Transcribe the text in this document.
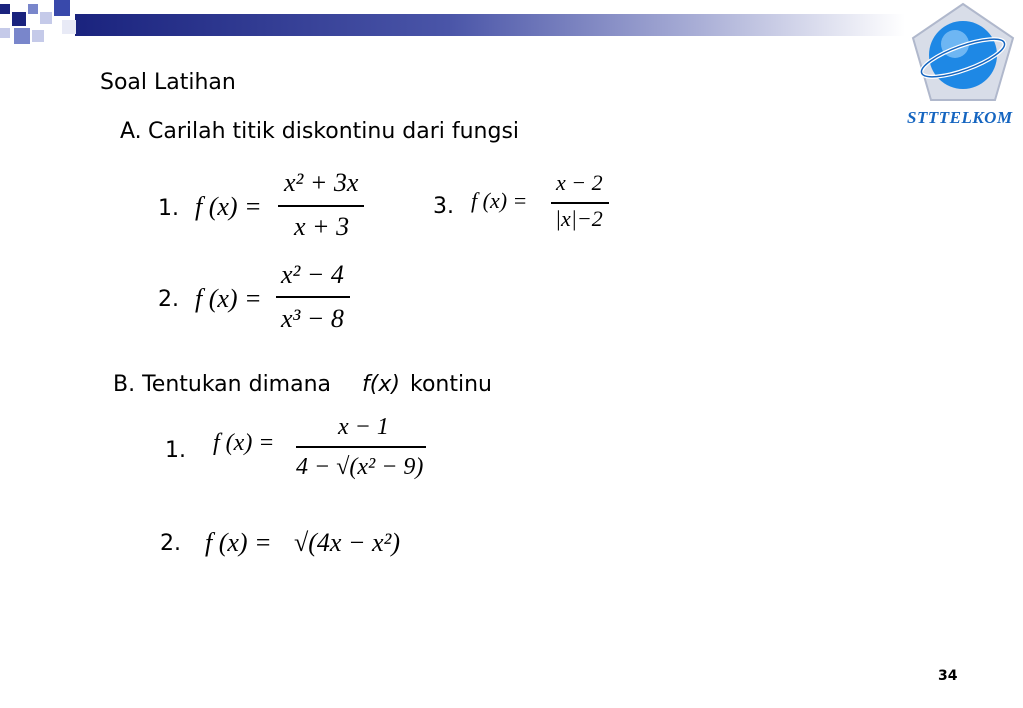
STTTELKOM
Soal Latihan
A. Carilah titik diskontinu dari fungsi
1. f (x) =
x² + 3x
x + 3
2. f (x) =
x² − 4
x³ − 8
3. f (x) =
x − 2
|x|−2
B. Tentukan dimana f(x) kontinu
1. f (x) =
x − 1
4 − √(x² − 9)
2. f (x) = √(4x − x²)
34
